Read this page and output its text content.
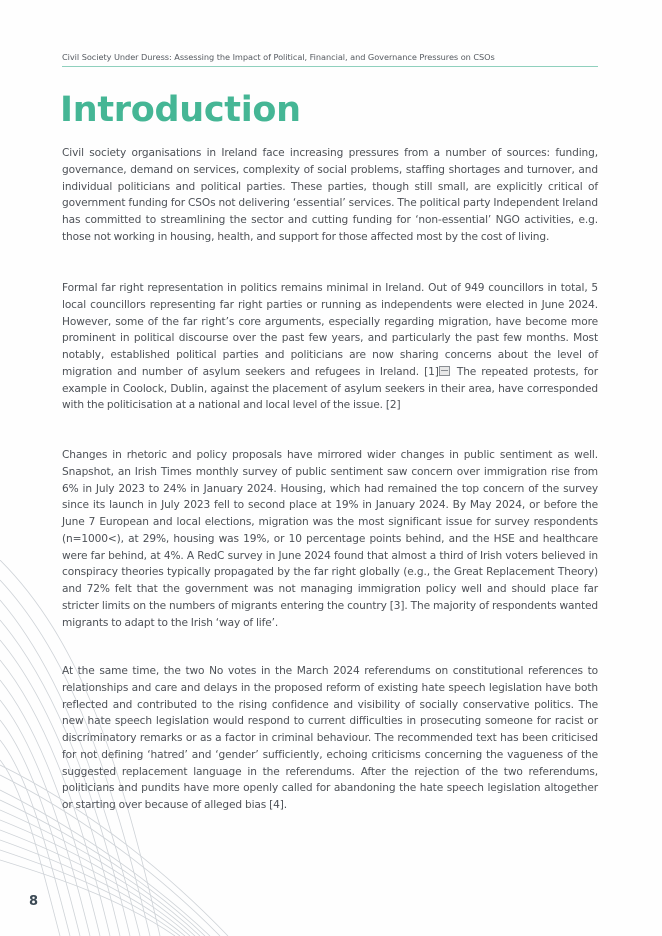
Civil Society Under Duress: Assessing the Impact of Political, Financial, and Governance Pressures on CSOs
Introduction

Civil society organisations in Ireland face increasing pressures from a number of sources: funding, governance, demand on services, complexity of social problems, staffing shortages and turnover, and individual politicians and political parties. These parties, though still small, are explicitly critical of government funding for CSOs not delivering ‘essential’ services. The political party Independent Ireland has committed to streamlining the sector and cutting funding for ‘non-essential’ NGO activities, e.g. those not working in housing, health, and support for those affected most by the cost of living.

Formal far right representation in politics remains minimal in Ireland. Out of 949 councillors in total, 5 local councillors representing far right parties or running as independents were elected in June 2024. However, some of the far right’s core arguments, especially regarding migration, have become more prominent in political discourse over the past few years, and particularly the past few months. Most notably, established political parties and politicians are now sharing concerns about the level of migration and number of asylum seekers and refugees in Ireland. [1] The repeated protests, for example in Coolock, Dublin, against the placement of asylum seekers in their area, have corresponded with the politicisation at a national and local level of the issue. [2]

Changes in rhetoric and policy proposals have mirrored wider changes in public sentiment as well. Snapshot, an Irish Times monthly survey of public sentiment saw concern over immigration rise from 6% in July 2023 to 24% in January 2024. Housing, which had remained the top concern of the survey since its launch in July 2023 fell to second place at 19% in January 2024. By May 2024, or before the June 7 European and local elections, migration was the most significant issue for survey respondents (n=1000<), at 29%, housing was 19%, or 10 percentage points behind, and the HSE and healthcare were far behind, at 4%. A RedC survey in June 2024 found that almost a third of Irish voters believed in conspiracy theories typically propagated by the far right globally (e.g., the Great Replacement Theory) and 72% felt that the government was not managing immigration policy well and should place far stricter limits on the numbers of migrants entering the country [3]. The majority of respondents wanted migrants to adapt to the Irish ‘way of life’.

At the same time, the two No votes in the March 2024 referendums on constitutional references to relationships and care and delays in the proposed reform of existing hate speech legislation have both reflected and contributed to the rising confidence and visibility of socially conservative politics. The new hate speech legislation would respond to current difficulties in prosecuting someone for racist or discriminatory remarks or as a factor in criminal behaviour. The recommended text has been criticised for not defining ‘hatred’ and ‘gender’ sufficiently, echoing criticisms concerning the vagueness of the suggested replacement language in the referendums. After the rejection of the two referendums, politicians and pundits have more openly called for abandoning the hate speech legislation altogether or starting over because of alleged bias [4].

8
